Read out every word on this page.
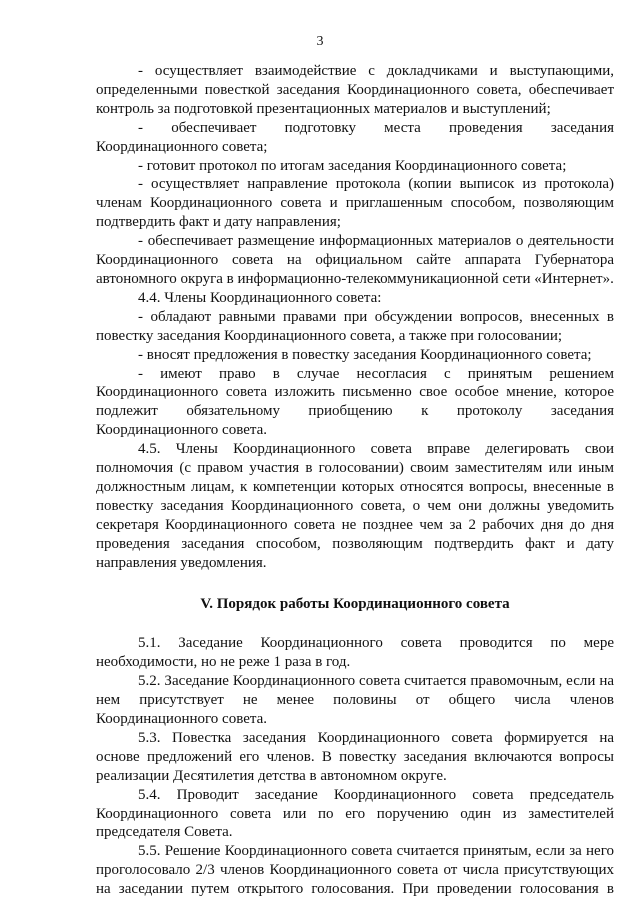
3

- осуществляет взаимодействие с докладчиками и выступающими, определенными повесткой заседания Координационного совета, обеспечивает контроль за подготовкой презентационных материалов и выступлений;

- обеспечивает подготовку места проведения заседания Координационного совета;

- готовит протокол по итогам заседания Координационного совета;

- осуществляет направление протокола (копии выписок из протокола) членам Координационного совета и приглашенным способом, позволяющим подтвердить факт и дату направления;

- обеспечивает размещение информационных материалов о деятельности Координационного совета на официальном сайте аппарата Губернатора автономного округа в информационно-телекоммуникационной сети «Интернет».

4.4. Члены Координационного совета:

- обладают равными правами при обсуждении вопросов, внесенных в повестку заседания Координационного совета, а также при голосовании;

- вносят предложения в повестку заседания Координационного совета;

- имеют право в случае несогласия с принятым решением Координационного совета изложить письменно свое особое мнение, которое подлежит обязательному приобщению к протоколу заседания Координационного совета.

4.5. Члены Координационного совета вправе делегировать свои полномочия (с правом участия в голосовании) своим заместителям или иным должностным лицам, к компетенции которых относятся вопросы, внесенные в повестку заседания Координационного совета, о чем они должны уведомить секретаря Координационного совета не позднее чем за 2 рабочих дня до дня проведения заседания способом, позволяющим подтвердить факт и дату направления уведомления.

V. Порядок работы Координационного совета

5.1. Заседание Координационного совета проводится по мере необходимости, но не реже 1 раза в год.

5.2. Заседание Координационного совета считается правомочным, если на нем присутствует не менее половины от общего числа членов Координационного совета.

5.3. Повестка заседания Координационного совета формируется на основе предложений его членов. В повестку заседания включаются вопросы реализации Десятилетия детства в автономном округе.

5.4. Проводит заседание Координационного совета председатель Координационного совета или по его поручению один из заместителей председателя Совета.

5.5. Решение Координационного совета считается принятым, если за него проголосовало 2/3 членов Координационного совета от числа присутствующих на заседании путем открытого голосования. При проведении голосования в
